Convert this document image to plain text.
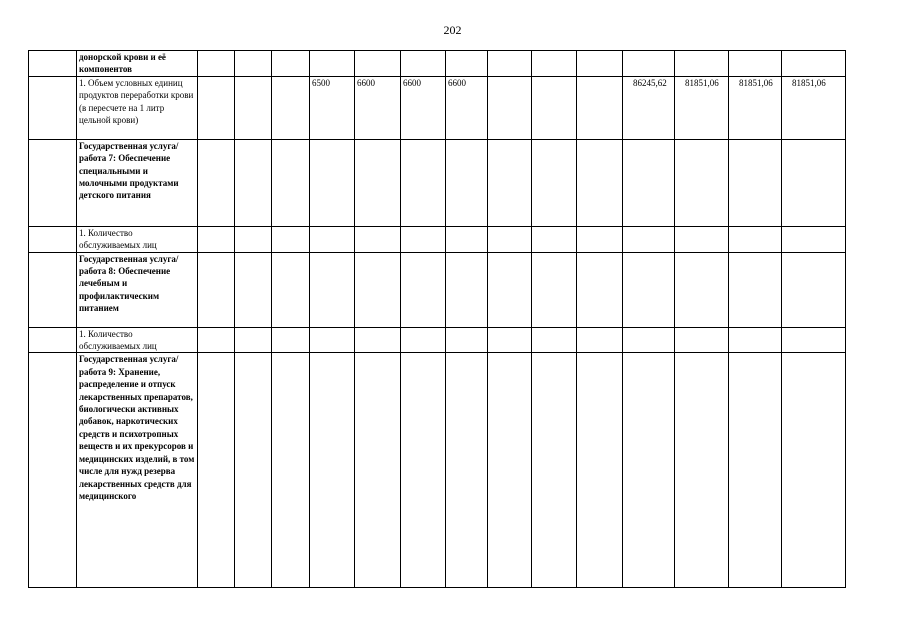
202
	донорской крови и её компонентов														
	1. Объем условных единиц продуктов переработки крови (в пересчете на 1 литр цельной крови)				6500	6600	6600	6600				86245,62	81851,06	81851,06	81851,06
	Государственная услуга/работа 7: Обеспечение специальными и молочными продуктами детского питания														
	1. Количество обслуживаемых лиц														
	Государственная услуга/работа 8: Обеспечение лечебным и профилактическим питанием														
	1. Количество обслуживаемых лиц														
	Государственная услуга/работа 9: Хранение, распределение и отпуск лекарственных препаратов, биологически активных добавок, наркотических средств и психотропных веществ и их прекурсоров и медицинских изделий, в том числе для нужд резерва лекарственных средств для медицинского														
